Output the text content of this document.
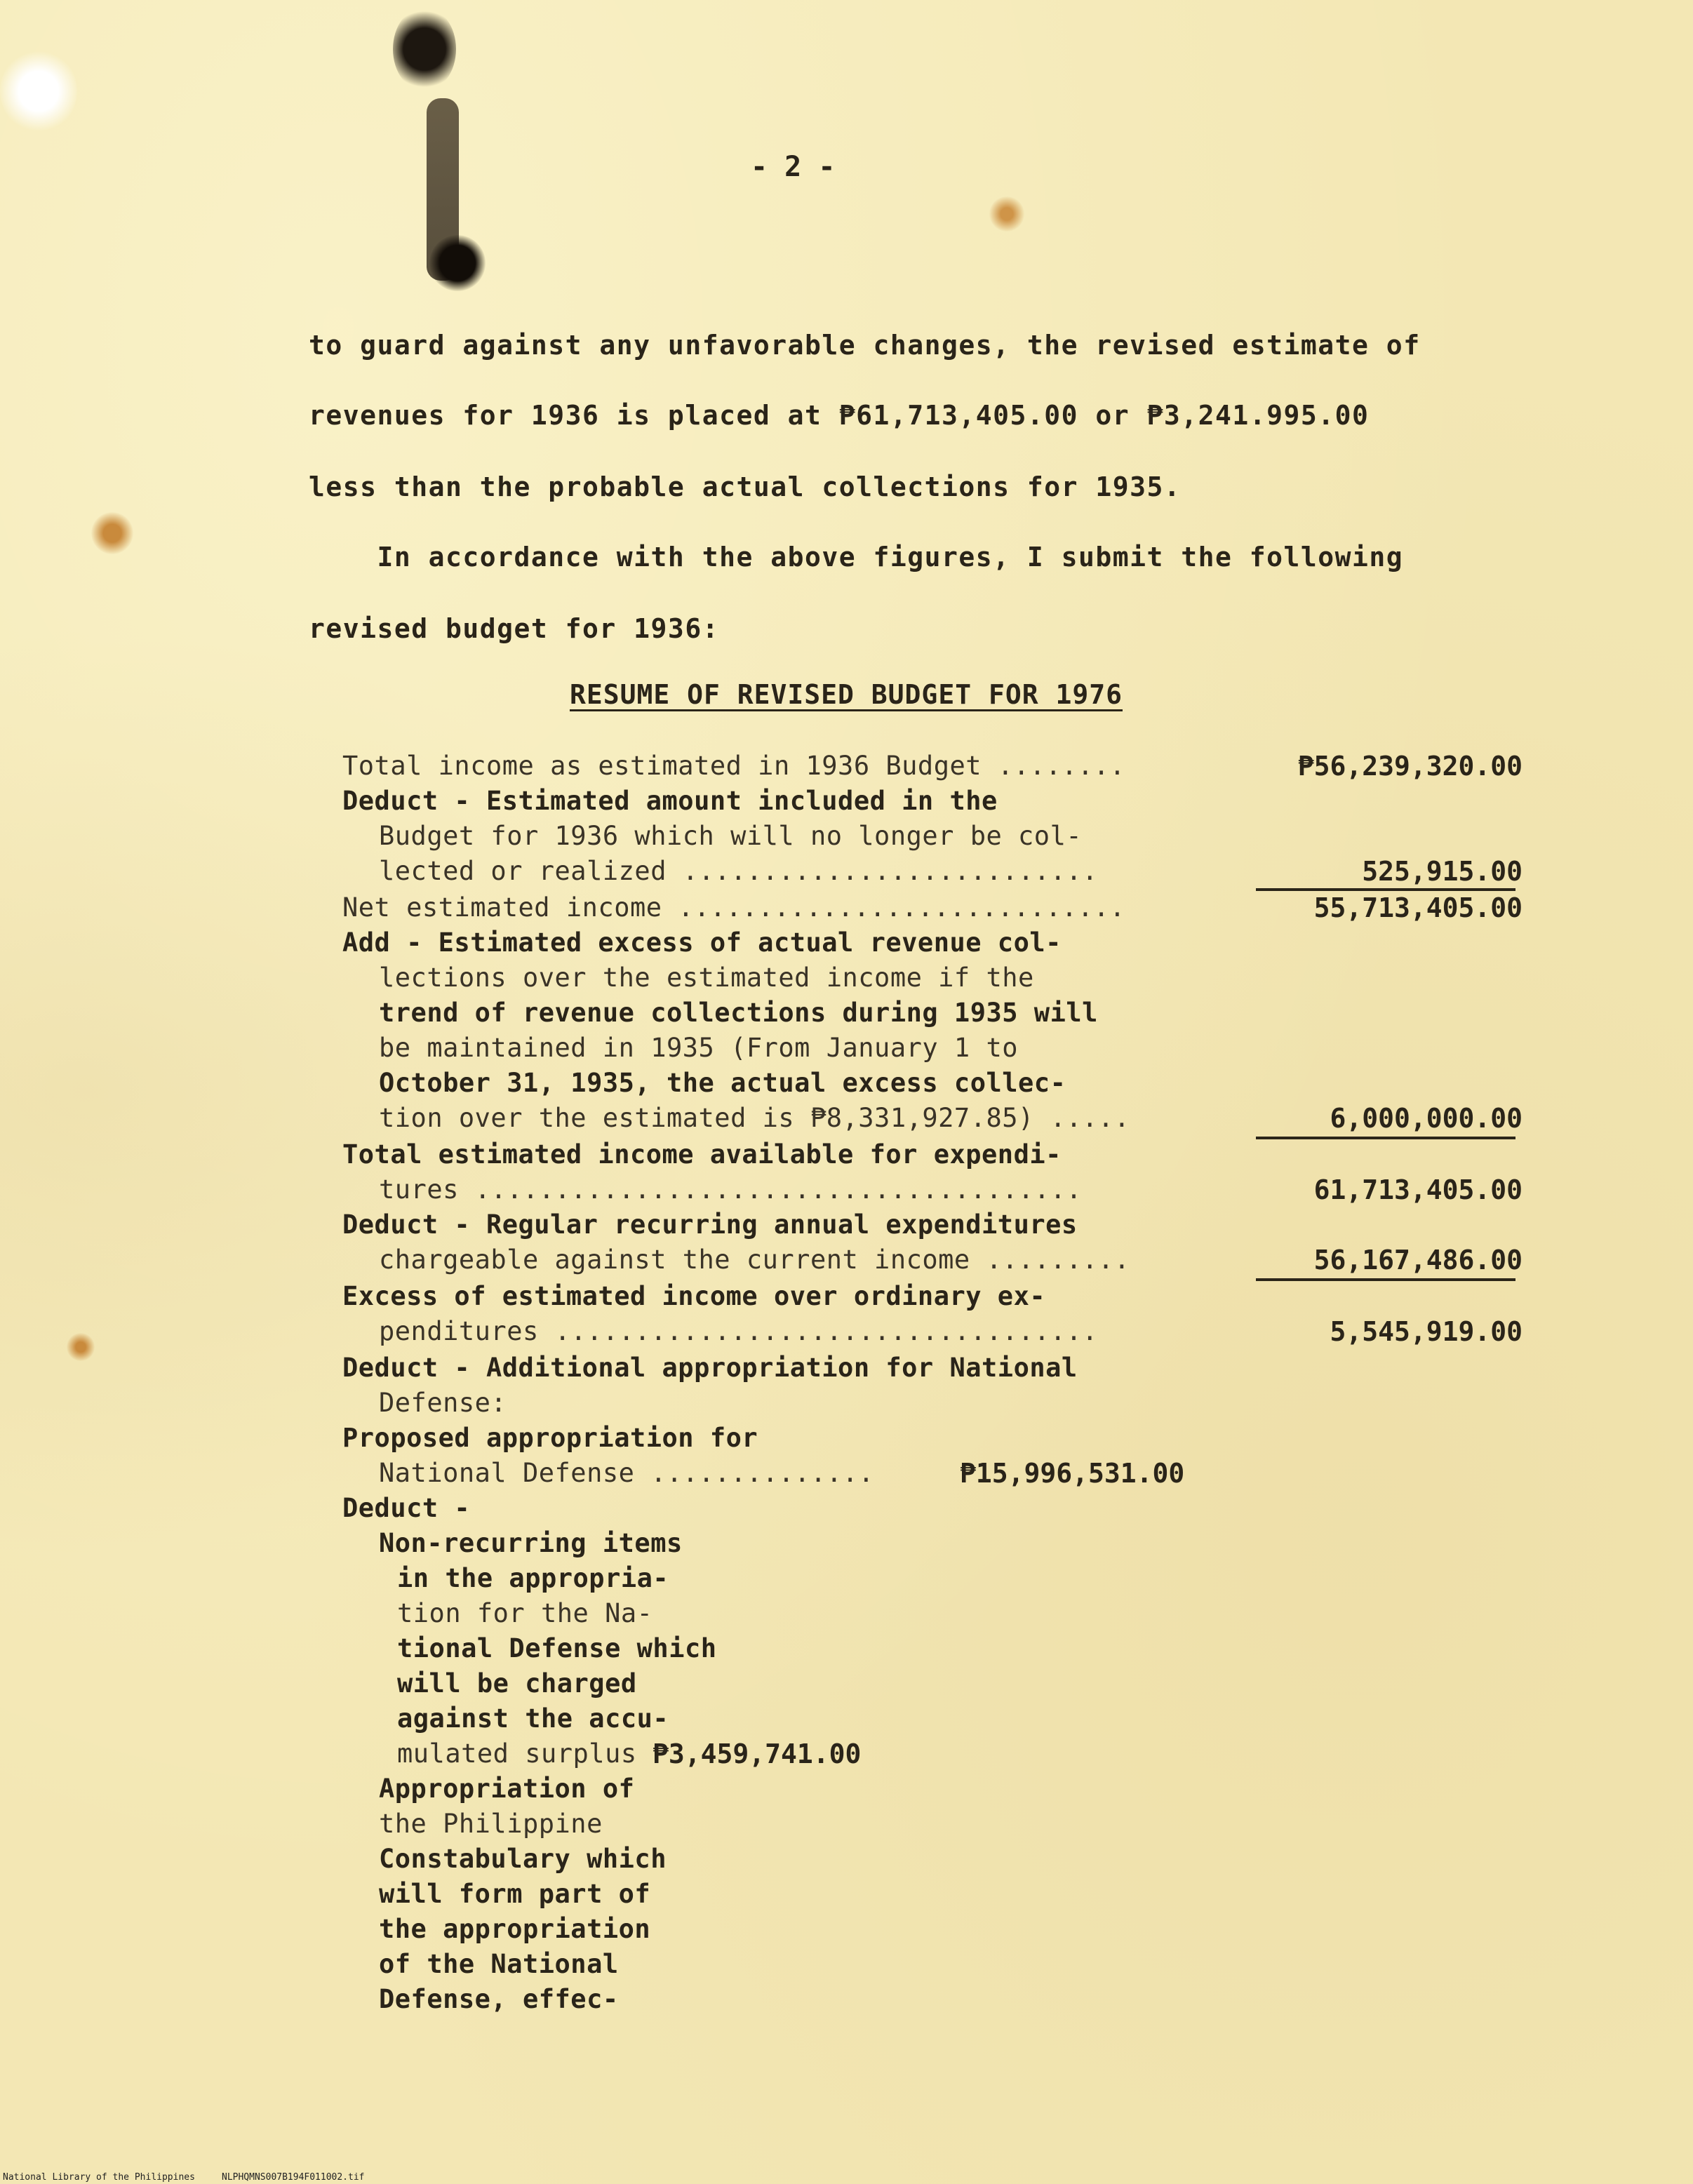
- 2 -
to guard against any unfavorable changes, the revised estimate of
revenues for 1936 is placed at ₱61,713,405.00 or ₱3,241.995.00
less than the probable actual collections for 1935.
In accordance with the above figures, I submit the following
revised budget for 1936:
RESUME OF REVISED BUDGET FOR 1976
Total income as estimated in 1936 Budget ........	₱56,239,320.00
Deduct - Estimated amount included in the
Budget for 1936 which will no longer be col-
lected or realized ..........................	525,915.00
Net estimated income ............................	55,713,405.00
Add - Estimated excess of actual revenue col-
lections over the estimated income if the
trend of revenue collections during 1935 will
be maintained in 1935 (From January 1 to
October 31, 1935, the actual excess collec-
tion over the estimated is ₱8,331,927.85) .....	6,000,000.00
Total estimated income available for expendi-
tures ......................................	61,713,405.00
Deduct - Regular recurring annual expenditures
chargeable against the current income .........	56,167,486.00
Excess of estimated income over ordinary ex-
penditures ..................................	5,545,919.00
Deduct - Additional appropriation for National
Defense:
Proposed appropriation for
National Defense ..............	₱15,996,531.00
Deduct -
Non-recurring items
in the appropria-
tion for the Na-
tional Defense which
will be charged
against the accu-
mulated surplus ₱3,459,741.00
Appropriation of
the Philippine
Constabulary which
will form part of
the appropriation
of the National
Defense, effec-
National Library of the Philippines	NLPHQMNS007B194F011002.tif
